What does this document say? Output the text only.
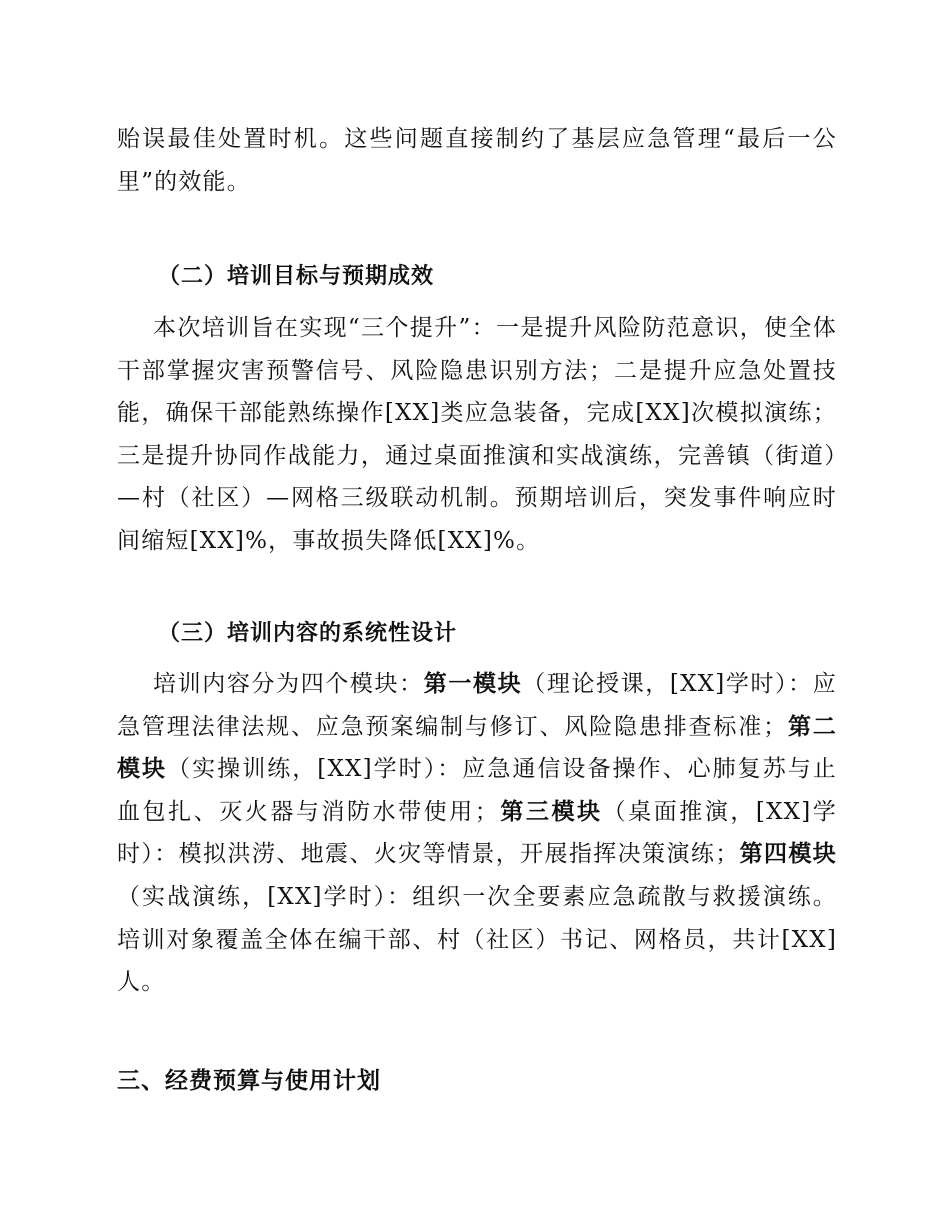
贻误最佳处置时机。这些问题直接制约了基层应急管理“最后一公里”的效能。

（二）培训目标与预期成效

本次培训旨在实现“三个提升”：一是提升风险防范意识，使全体干部掌握灾害预警信号、风险隐患识别方法；二是提升应急处置技能，确保干部能熟练操作[XX]类应急装备，完成[XX]次模拟演练；三是提升协同作战能力，通过桌面推演和实战演练，完善镇（街道）—村（社区）—网格三级联动机制。预期培训后，突发事件响应时间缩短[XX]%，事故损失降低[XX]%。

（三）培训内容的系统性设计

培训内容分为四个模块：第一模块（理论授课，[XX]学时）：应急管理法律法规、应急预案编制与修订、风险隐患排查标准；第二模块（实操训练，[XX]学时）：应急通信设备操作、心肺复苏与止血包扎、灭火器与消防水带使用；第三模块（桌面推演，[XX]学时）：模拟洪涝、地震、火灾等情景，开展指挥决策演练；第四模块（实战演练，[XX]学时）：组织一次全要素应急疏散与救援演练。培训对象覆盖全体在编干部、村（社区）书记、网格员，共计[XX]人。

三、经费预算与使用计划
